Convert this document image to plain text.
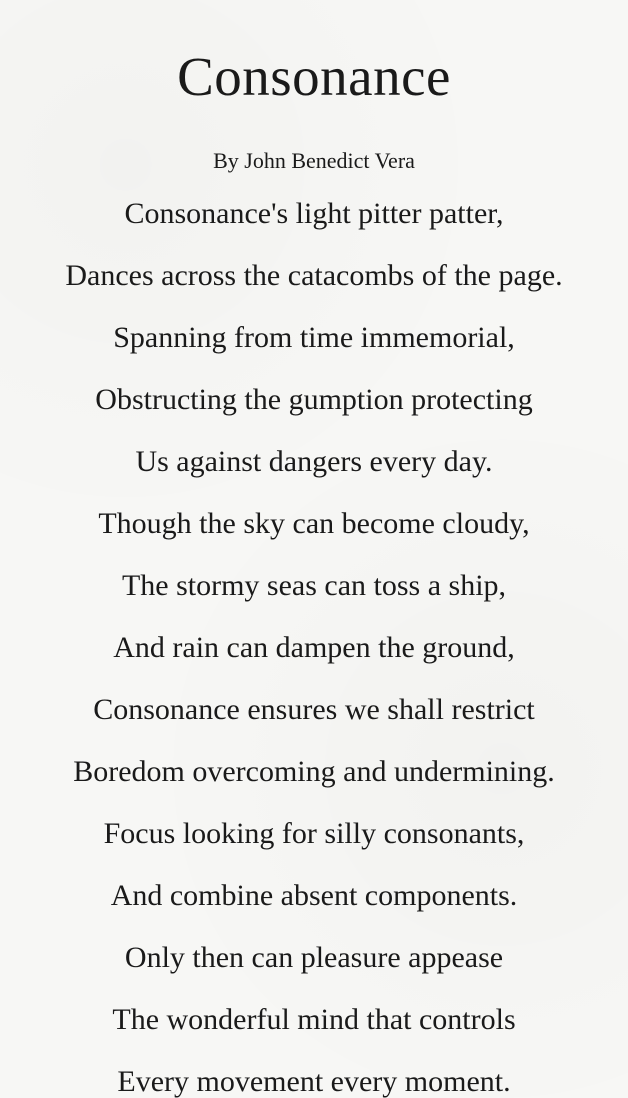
Consonance
By John Benedict Vera
Consonance's light pitter patter,
Dances across the catacombs of the page.
Spanning from time immemorial,
Obstructing the gumption protecting
Us against dangers every day.
Though the sky can become cloudy,
The stormy seas can toss a ship,
And rain can dampen the ground,
Consonance ensures we shall restrict
Boredom overcoming and undermining.
Focus looking for silly consonants,
And combine absent components.
Only then can pleasure appease
The wonderful mind that controls
Every movement every moment.
